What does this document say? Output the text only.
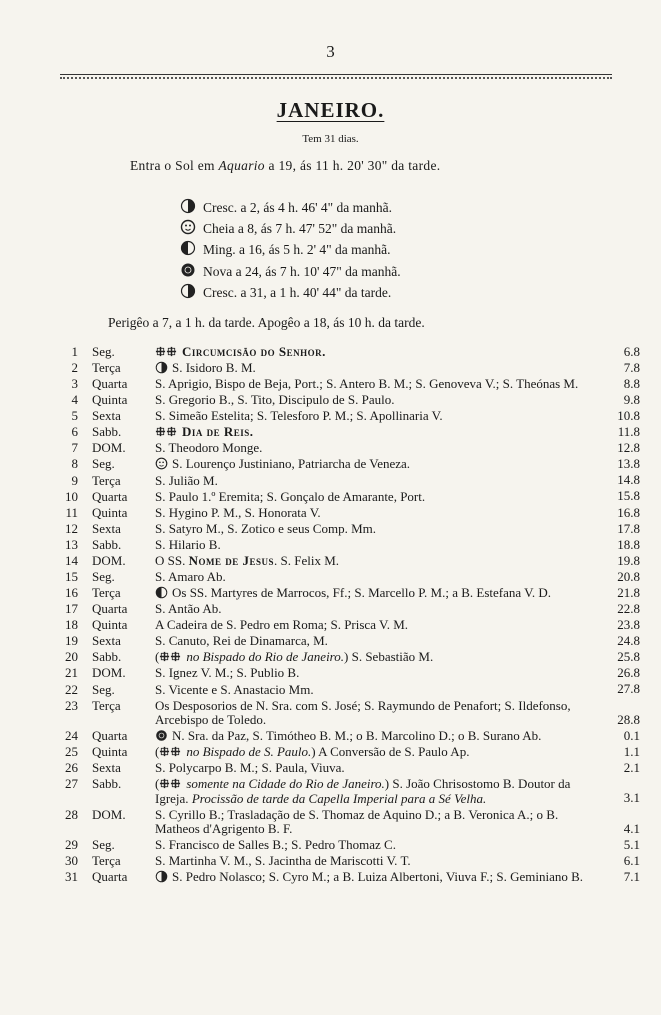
3
JANEIRO.
Tem 31 dias.
Entra o Sol em Aquario a 19, ás 11 h. 20' 30" da tarde.
Cresc. a 2, ás 4 h. 46' 4" da manhã.
Cheia a 8, ás 7 h. 47' 52" da manhã.
Ming. a 16, ás 5 h. 2' 4" da manhã.
Nova a 24, ás 7 h. 10' 47" da manhã.
Cresc. a 31, a 1 h. 40' 44" da tarde.
Perigêo a 7, a 1 h. da tarde. Apogêo a 18, ás 10 h. da tarde.
1 Seg.	Circumcisão do Senhor.	6.8
2 Terça	S. Isidoro B. M.	7.8
3 Quarta	S. Aprigio, Bispo de Beja, Port.; S. Antero B. M.; S. Genoveva V.; S. Theónas M.	8.8
4 Quinta	S. Gregorio B., S. Tito, Discipulo de S. Paulo.	9.8
5 Sexta	S. Simeão Estelita; S. Telesforo P. M.; S. Apollinaria V.	10.8
6 Sabb.	Dia de Reis.	11.8
7 DOM.	S. Theodoro Monge.	12.8
8 Seg.	S. Lourenço Justiniano, Patriarcha de Veneza.	13.8
9 Terça	S. Julião M.	14.8
10 Quarta	S. Paulo 1.º Eremita; S. Gonçalo de Amarante, Port.	15.8
11 Quinta	S. Hygino P. M., S. Honorata V.	16.8
12 Sexta	S. Satyro M., S. Zotico e seus Comp. Mm.	17.8
13 Sabb.	S. Hilario B.	18.8
14 DOM.	O SS. Nome de Jesus. S. Felix M.	19.8
15 Seg.	S. Amaro Ab.	20.8
16 Terça	Os SS. Martyres de Marrocos, Ff.; S. Marcello P. M.; a B. Estefana V. D.	21.8
17 Quarta	S. Antão Ab.	22.8
18 Quinta	A Cadeira de S. Pedro em Roma; S. Prisca V. M.	23.8
19 Sexta	S. Canuto, Rei de Dinamarca, M.	24.8
20 Sabb.	( no Bispado do Rio de Janeiro.) S. Sebastião M.	25.8
21 DOM.	S. Ignez V. M.; S. Publio B.	26.8
22 Seg.	S. Vicente e S. Anastacio Mm.	27.8
23 Terça	Os Desposorios de N. Sra. com S. José; S. Raymundo de Penafort; S. Ildefonso, Arcebispo de Toledo.	28.8
24 Quarta	N. Sra. da Paz, S. Timótheo B. M.; o B. Marcolino D.; o B. Surano Ab.	0.1
25 Quinta	( no Bispado de S. Paulo.) A Conversão de S. Paulo Ap.	1.1
26 Sexta	S. Polycarpo B. M.; S. Paula, Viuva.	2.1
27 Sabb.	( somente na Cidade do Rio de Janeiro.) S. João Chrisostomo B. Doutor da Igreja. Procissão de tarde da Capella Imperial para a Sé Velha.	3.1
28 DOM.	S. Cyrillo B.; Trasladação de S. Thomaz de Aquino D.; a B. Veronica A.; o B. Matheos d'Agrigento B. F.	4.1
29 Seg.	S. Francisco de Salles B.; S. Pedro Thomaz C.	5.1
30 Terça	S. Martinha V. M., S. Jacintha de Mariscotti V. T.	6.1
31 Quarta	S. Pedro Nolasco; S. Cyro M.; a B. Luiza Albertoni, Viuva F.; S. Geminiano B.	7.1
